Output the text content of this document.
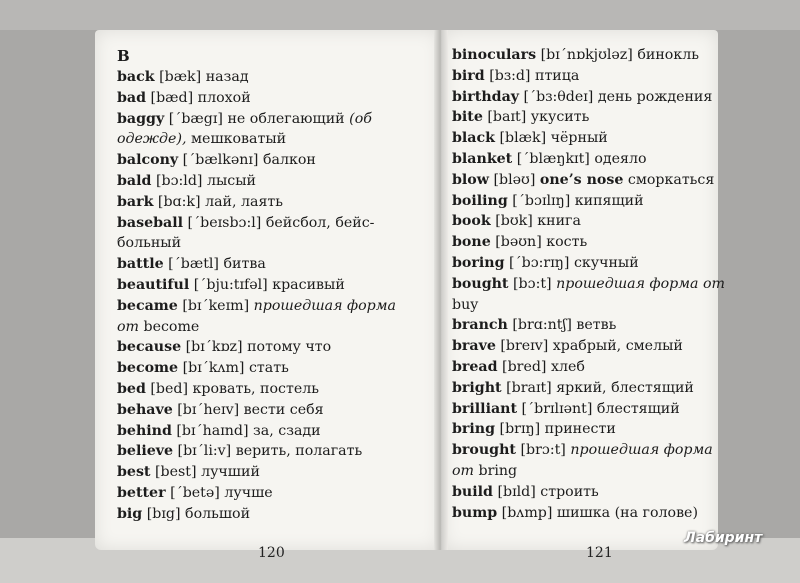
B
back [bæk] назад
bad [bæd] плохой
baggy [ˊbægɪ] не облегающий (об
одежде), мешковатый
balcony [ˊbælkənɪ] балкон
bald [bɔ:ld] лысый
bark [bɑ:k] лай, лаять
baseball [ˊbeɪsbɔ:l] бейсбол, бейс-
больный
battle [ˊbætl] битва
beautiful [ˊbju:tɪfəl] красивый
became [bɪˊkeɪm] прошедшая форма
от become
because [bɪˊkɒz] потому что
become [bɪˊkʌm] стать
bed [bed] кровать, постель
behave [bɪˊheɪv] вести себя
behind [bɪˊhaɪnd] за, сзади
believe [bɪˊli:v] верить, полагать
best [best] лучший
better [ˊbetə] лучше
big [bɪg] большой
binoculars [bɪˊnɒkjʊləz] бинокль
bird [bɜ:d] птица
birthday [ˊbɜ:θdeɪ] день рождения
bite [baɪt] укусить
black [blæk] чёрный
blanket [ˊblæŋkɪt] одеяло
blow [bləʊ] one’s nose сморкаться
boiling [ˊbɔɪlɪŋ] кипящий
book [bʊk] книга
bone [bəʊn] кость
boring [ˊbɔ:rɪŋ] скучный
bought [bɔ:t] прошедшая форма от
buy
branch [brɑ:ntʃ] ветвь
brave [breɪv] храбрый, смелый
bread [bred] хлеб
bright [braɪt] яркий, блестящий
brilliant [ˊbrɪlɪənt] блестящий
bring [brɪŋ] принести
brought [brɔ:t] прошедшая форма
от bring
build [bɪld] строить
bump [bʌmp] шишка (на голове)
120	121
Лабиринт
